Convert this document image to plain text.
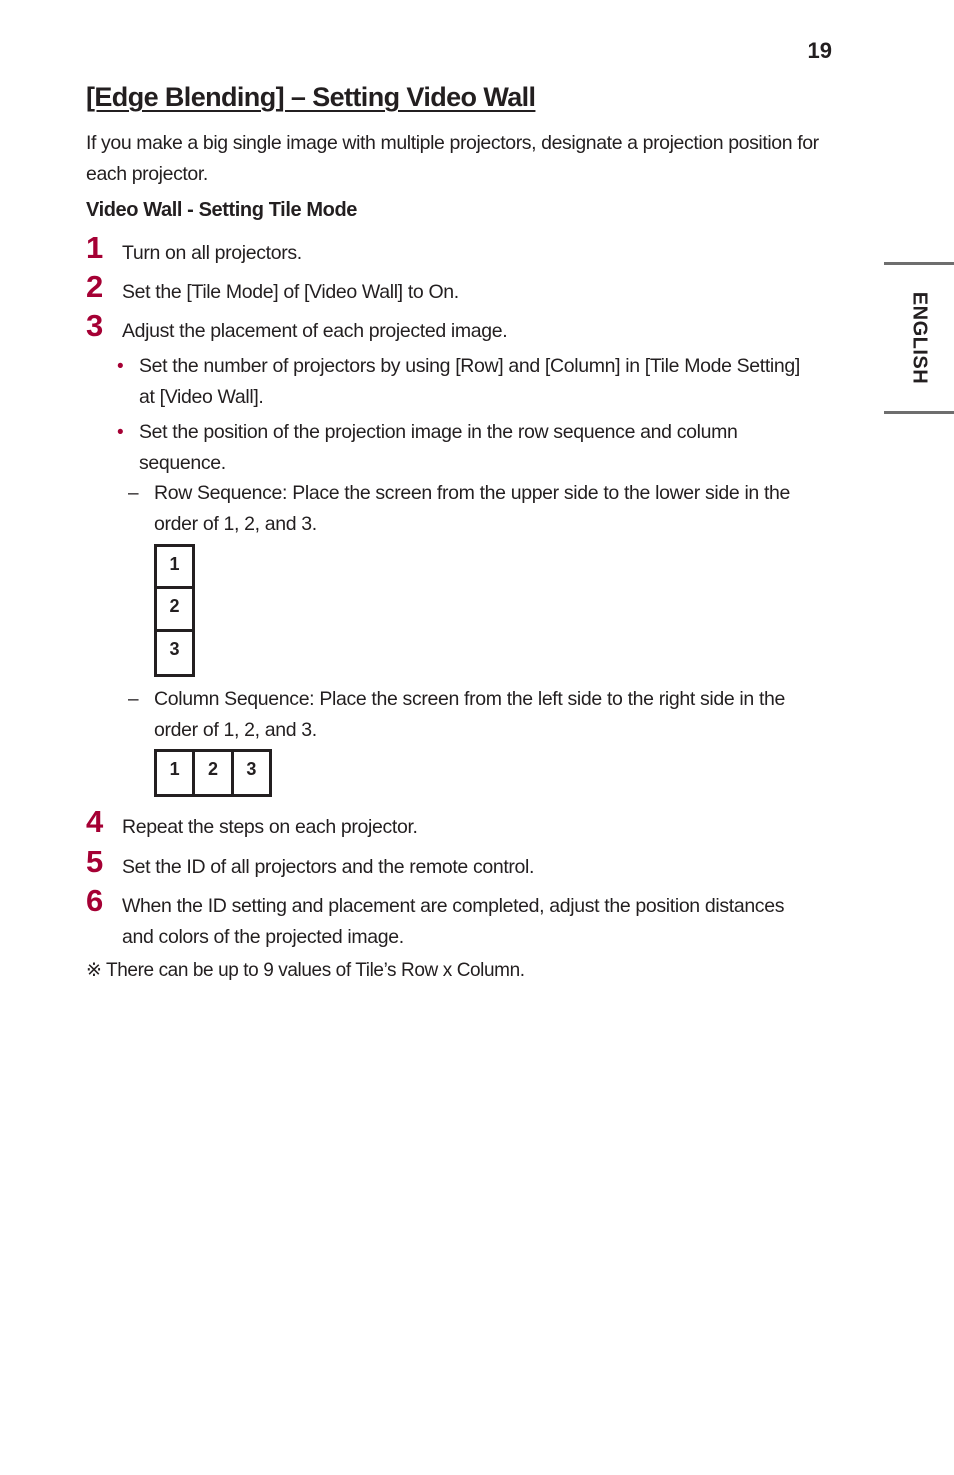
19
ENGLISH
[Edge Blending] – Setting Video Wall

If you make a big single image with multiple projectors, designate a projection position for each projector.

Video Wall - Setting Tile Mode
1 Turn on all projectors.
2 Set the [Tile Mode] of [Video Wall] to On.
3 Adjust the placement of each projected image.
• Set the number of projectors by using [Row] and [Column] in [Tile Mode Setting] at [Video Wall].
• Set the position of the projection image in the row sequence and column sequence.
– Row Sequence: Place the screen from the upper side to the lower side in the order of 1, 2, and 3.
1
2
3
– Column Sequence: Place the screen from the left side to the right side in the order of 1, 2, and 3.
1	2	3
4 Repeat the steps on each projector.
5 Set the ID of all projectors and the remote control.
6 When the ID setting and placement are completed, adjust the position distances and colors of the projected image.

※ There can be up to 9 values of Tile’s Row x Column.
